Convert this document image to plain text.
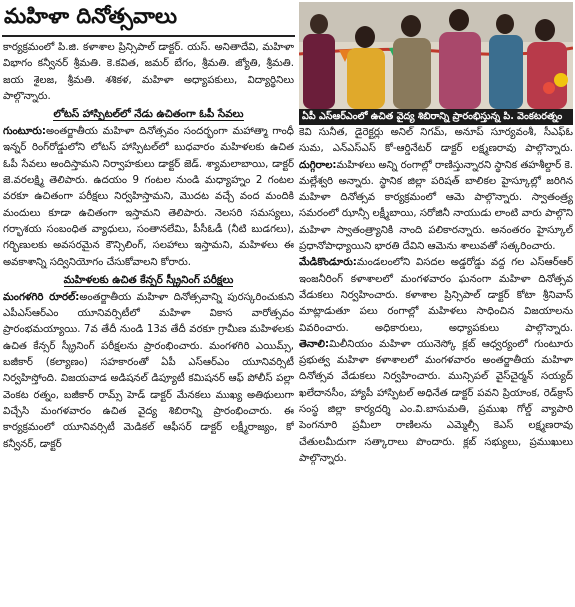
మహిళా దినోత్సవాలు

కార్యక్రమంలో పి.జి. కళాశాల ప్రిన్సిపాల్ డాక్టర్. యస్. అనితాదేవి, మహిళా విభాగం కన్వీనర్ శ్రీమతి. కె.కవిత, జమర్ బేగం, శ్రీమతి. జ్యోతి, శ్రీమతి. జయ శైలజ, శ్రీమతి. శశికళ, మహిళా అధ్యాపకులు, విద్యార్థినిలు పాల్గొన్నారు.

లోటస్ హాస్పిటల్‌లో నేడు ఉచితంగా ఓపీ సేవలు

గుంటూరు:అంతర్జాతీయ మహిళా దినోత్సవం సందర్భంగా మహాత్మా గాంధీ ఇన్నర్ రింగ్‌రోడ్డులోని లోటస్ హాస్పిటల్‌లో బుధవారం మహిళలకు ఉచిత ఓపీ సేవలు అందిస్తామని నిర్వాహకులు డాక్టర్ జెడ్. శ్యామలాబాయి, డాక్టర్ జె.వరలక్ష్మి తెలిపారు. ఉదయం 9 గంటల నుండి మధ్యాహ్నం 2 గంటల వరకూ ఉచితంగా పరీక్షలు నిర్వహిస్తామని, మొదట వచ్చే వంద మందికి మందులు కూడా ఉచితంగా ఇస్తామని తెలిపారు. నెలసరి సమస్యలు, గర్భాశయ సంబంధిత వ్యాధులు, సంతానలేమి, పీసీఓడీ (నీటి బుడగలు), గర్భిణులకు అవసరమైన కౌన్సిలింగ్, సలహాలు ఇస్తామని, మహిళలు ఈ అవకాశాన్ని సద్వినియోగం చేసుకోవాలని కోరారు.

మహిళలకు ఉచిత కేన్సర్ స్క్రీనింగ్ పరీక్షలు

మంగళగిరి రూరల్:అంతర్జాతీయ మహిళా దినోత్సవాన్ని పురస్కరించుకుని ఎపీఎస్ఆర్ఎం యూనివర్సిటీలో మహిళా వికాస వారోత్సవం ప్రారంభమయ్యాయి. 7వ తేదీ నుండి 13వ తేదీ వరకూ గ్రామీణ మహిళలకు ఉచిత కేన్సర్ స్క్రీనింగ్ పరీక్షలను ప్రారంభించారు. మంగళగిరి ఎయిమ్స్, బజీకార్ (కల్యాణం) సహకారంతో ఏపీ ఎస్ఆర్ఎం యూనివర్సిటీ నిర్వహిస్తోంది. విజయవాడ అడిషనల్ డిప్యూటీ కమిషనర్ ఆఫ్ పోలీస్ పల్లా వెంకట రత్నం, బజీకార్ రామ్స్ హెడ్ డాక్టర్ మేనకలు ముఖ్య అతిథులుగా విచ్చేసి మంగళవారం ఉచిత వైద్య శిబిరాన్ని ప్రారంభించారు. ఈ కార్యక్రమంలో యూనివర్సిటీ మెడికల్ ఆఫీసర్ డాక్టర్ లక్ష్మీరాజ్యం, కో కన్వీనర్, డాక్టర్

ఏపీ ఎస్ఆర్ఎంలో ఉచిత వైద్య శిబిరాన్ని ప్రారంభిస్తున్న పి. వెంకటరత్నం

కెవి సునీత, డైరెక్టర్లు అనిల్ నిగమ్, అనూప్ సూర్యవంశీ, సీఎఫ్ఓ సుమ, ఎన్ఎస్ఎస్ కో-ఆర్డినేటర్ డాక్టర్ లక్ష్మణరావు పాల్గొన్నారు. దుగ్గిరాల:మహిళలు అన్ని రంగాల్లో రాణిస్తున్నారని స్థానిక తహశీల్దార్ కె. మల్లేశ్వరి అన్నారు. స్థానిక జిల్లా పరిషత్ బాలికల హైస్కూల్లో జరిగిన మహిళా దినోత్సవ కార్యక్రమంలో ఆమె పాల్గొన్నారు. స్వాతంత్ర్య సమరంలో ఝాన్సీ లక్ష్మీబాయి, సరోజినీ నాయుడు లాంటి వారు పాల్గొని మహిళా స్వాతంత్ర్యానికి నాంది పలికారన్నారు. అనంతరం హైస్కూల్ ప్రధానోపాధ్యాయిని భారతి దేవిని ఆమెను శాలువతో సత్కరించారు.

మేడికొండూరు:మండలంలోని విసదల అడ్డరోడ్డు వద్ద గల ఎస్ఆర్‌ఆర్ ఇంజనీరింగ్ కళాశాలలో మంగళవారం ఘనంగా మహిళా దినోత్సవ వేడుకలు నిర్వహించారు. కళాశాల ప్రిన్సిపాల్ డాక్టర్ కోటా శ్రీనివాస్ మాట్లాడుతూ పలు రంగాల్లో మహిళలు సాధించిన విజయాలను వివరించారు. అధికారులు, అధ్యాపకులు పాల్గొన్నారు. తెనాలి:మిలీనియం మహిళా యునెస్కో క్లబ్ ఆధ్వర్యంలో గుంటూరు ప్రభుత్వ మహిళా కళాశాలలో మంగళవారం అంతర్జాతీయ మహిళా దినోత్సవ వేడుకలు నిర్వహించారు. మున్సిపల్ వైస్‌చైర్మన్ సయ్యద్ ఖలేదానసీం, హ్యాపీ హాస్పిటల్ అధినేత డాక్టర్ పవని ప్రియాంక, రెడ్‌క్రాస్ సంస్థ జిల్లా కార్యదర్శి ఎం.వి.బాసుమతి, ప్రముఖ గోల్డ్ వ్యాపారి పెంగనూరి ప్రమీలా రాణిలను ఎమ్మెల్సీ కెఎస్ లక్ష్మణరావు చేతులమీదుగా సత్కారాలు పొందారు. క్లబ్ సభ్యులు, ప్రముఖులు పాల్గొన్నారు.
